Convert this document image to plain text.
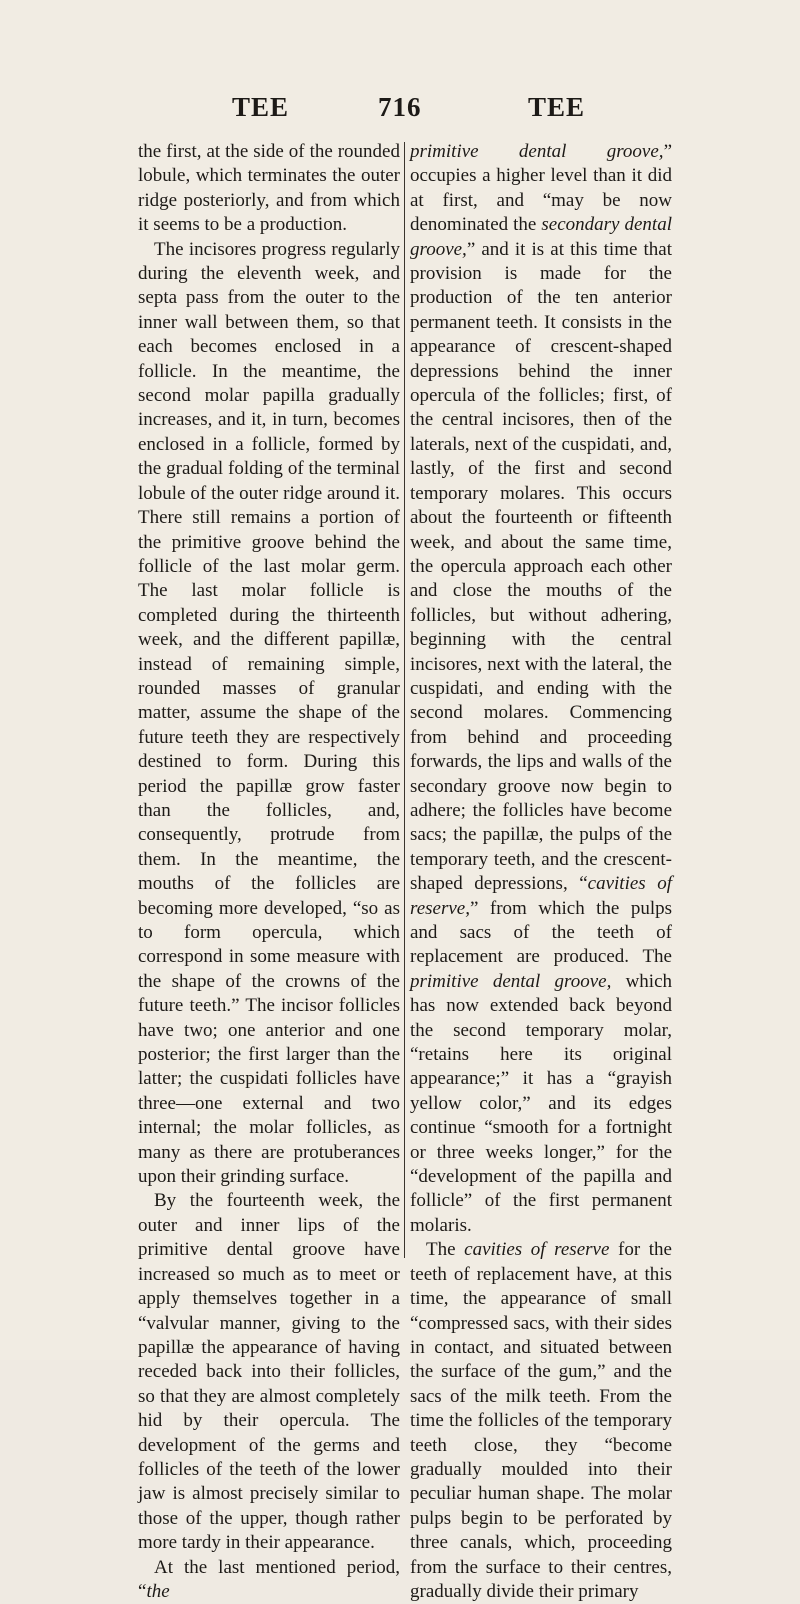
TEE	716	TEE

the first, at the side of the rounded lobule, which terminates the outer ridge posteriorly, and from which it seems to be a production.

The incisores progress regularly during the eleventh week, and septa pass from the outer to the inner wall between them, so that each becomes enclosed in a follicle. In the meantime, the second molar papilla gradually increases, and it, in turn, becomes enclosed in a follicle, formed by the gradual folding of the terminal lobule of the outer ridge around it. There still remains a portion of the primitive groove behind the follicle of the last molar germ. The last molar follicle is completed during the thirteenth week, and the different papillæ, instead of remaining simple, rounded masses of granular matter, assume the shape of the future teeth they are respectively destined to form. During this period the papillæ grow faster than the follicles, and, consequently, protrude from them. In the meantime, the mouths of the follicles are becoming more developed, “so as to form opercula, which correspond in some measure with the shape of the crowns of the future teeth.” The incisor follicles have two; one anterior and one posterior; the first larger than the latter; the cuspidati follicles have three—one external and two internal; the molar follicles, as many as there are protuberances upon their grinding surface.

By the fourteenth week, the outer and inner lips of the primitive dental groove have increased so much as to meet or apply themselves together in a “valvular manner, giving to the papillæ the appearance of having receded back into their follicles, so that they are almost completely hid by their opercula. The development of the germs and follicles of the teeth of the lower jaw is almost precisely similar to those of the upper, though rather more tardy in their appearance.

At the last mentioned period, “the

primitive dental groove,” occupies a higher level than it did at first, and “may be now denominated the secondary dental groove,” and it is at this time that provision is made for the production of the ten anterior permanent teeth. It consists in the appearance of crescent-shaped depressions behind the inner opercula of the follicles; first, of the central incisores, then of the laterals, next of the cuspidati, and, lastly, of the first and second temporary molares. This occurs about the fourteenth or fifteenth week, and about the same time, the opercula approach each other and close the mouths of the follicles, but without adhering, beginning with the central incisores, next with the lateral, the cuspidati, and ending with the second molares. Commencing from behind and proceeding forwards, the lips and walls of the secondary groove now begin to adhere; the follicles have become sacs; the papillæ, the pulps of the temporary teeth, and the crescent-shaped depressions, “cavities of reserve,” from which the pulps and sacs of the teeth of replacement are produced. The primitive dental groove, which has now extended back beyond the second temporary molar, “retains here its original appearance;” it has a “grayish yellow color,” and its edges continue “smooth for a fortnight or three weeks longer,” for the “development of the papilla and follicle” of the first permanent molaris.

The cavities of reserve for the teeth of replacement have, at this time, the appearance of small “compressed sacs, with their sides in contact, and situated between the surface of the gum,” and the sacs of the milk teeth. From the time the follicles of the temporary teeth close, they “become gradually moulded into their peculiar human shape. The molar pulps begin to be perforated by three canals, which, proceeding from the surface to their centres, gradually divide their primary
